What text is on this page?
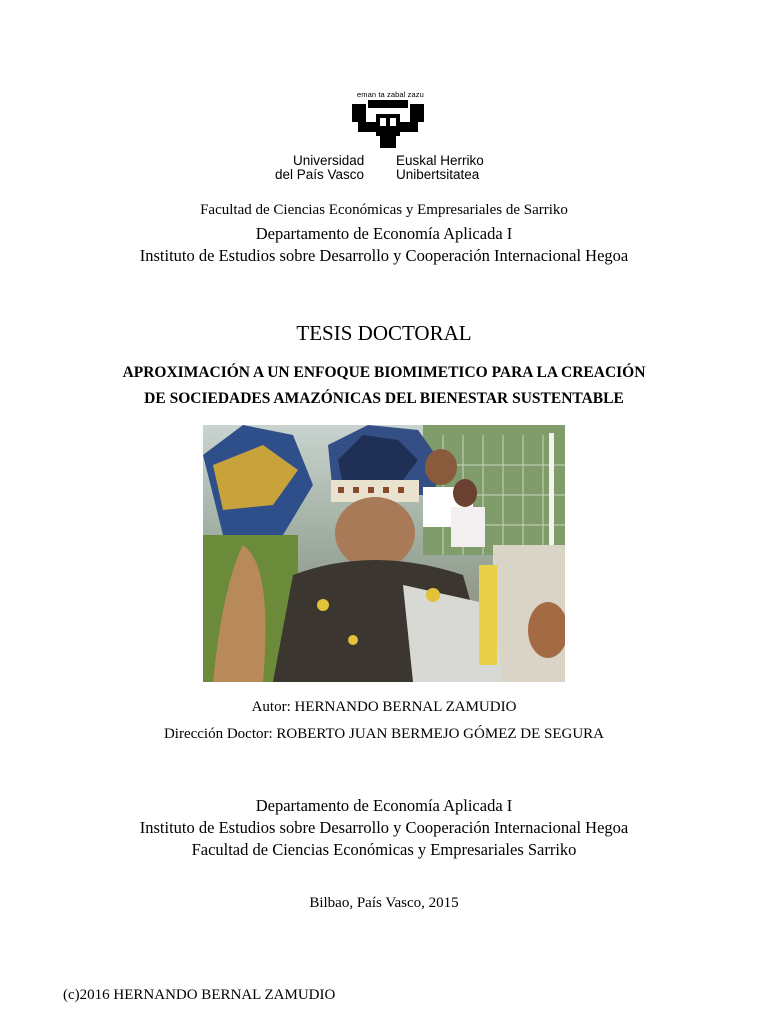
eman ta zabal zazu
Universidad
del País Vasco
Euskal Herriko
Unibertsitatea
Facultad de Ciencias Económicas y Empresariales de Sarriko
Departamento de Economía Aplicada I
Instituto de Estudios sobre Desarrollo y Cooperación Internacional Hegoa
TESIS DOCTORAL
APROXIMACIÓN A UN ENFOQUE BIOMIMETICO PARA LA CREACIÓN
DE SOCIEDADES AMAZÓNICAS DEL BIENESTAR SUSTENTABLE
Autor: HERNANDO BERNAL ZAMUDIO
Dirección Doctor: ROBERTO JUAN BERMEJO GÓMEZ DE SEGURA
Departamento de Economía Aplicada I
Instituto de Estudios sobre Desarrollo y Cooperación Internacional Hegoa
Facultad de Ciencias Económicas y Empresariales Sarriko
Bilbao, País Vasco, 2015
(c)2016 HERNANDO BERNAL ZAMUDIO
